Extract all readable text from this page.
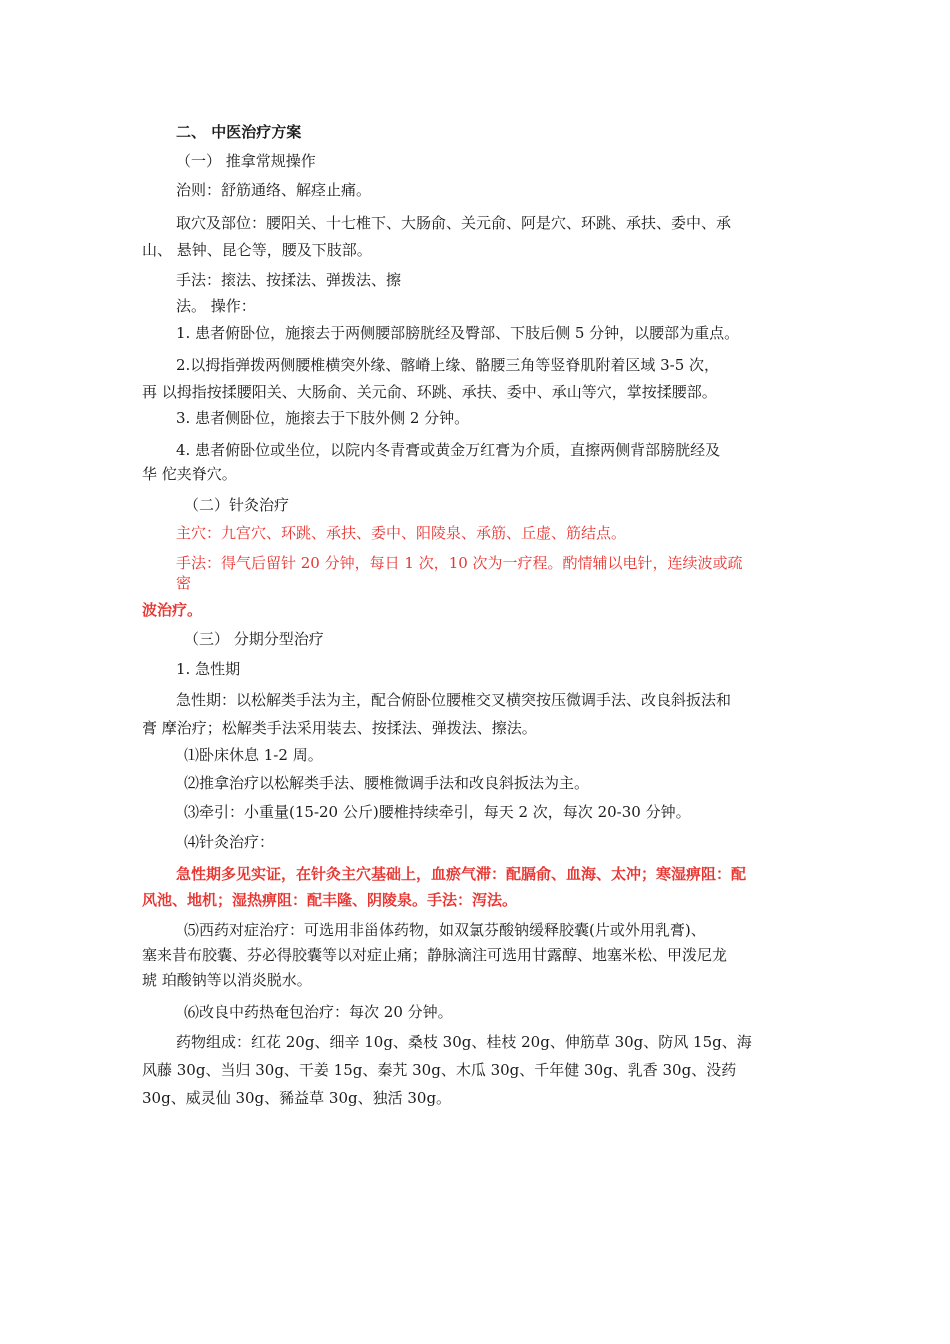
二、 中医治疗方案
（一） 推拿常规操作
治则：舒筋通络、解痉止痛。
取穴及部位：腰阳关、十七椎下、大肠俞、关元俞、阿是穴、环跳、承扶、委中、承
山、 悬钟、昆仑等，腰及下肢部。
手法：㨰法、按揉法、弹拨法、擦
法。 操作：
1. 患者俯卧位，施㨰去于两侧腰部膀胱经及臀部、下肢后侧 5 分钟，以腰部为重点。
2.以拇指弹拨两侧腰椎横突外缘、髂嵴上缘、骼腰三角等竖脊肌附着区域 3-5 次，
再 以拇指按揉腰阳关、大肠俞、关元俞、环跳、承扶、委中、承山等穴，掌按揉腰部。
3. 患者侧卧位，施㨰去于下肢外侧 2 分钟。
4. 患者俯卧位或坐位，以院内冬青膏或黄金万红膏为介质，直擦两侧背部膀胱经及
华 佗夹脊穴。
（二）针灸治疗
主穴：九宫穴、环跳、承扶、委中、阳陵泉、承筋、丘虚、筋结点。
手法：得气后留针 20 分钟，每日 1 次，10 次为一疗程。酌情辅以电针，连续波或疏
密
波治疗。
（三） 分期分型治疗
1. 急性期
急性期：以松解类手法为主，配合俯卧位腰椎交叉横突按压微调手法、改良斜扳法和
膏 摩治疗；松解类手法采用装去、按揉法、弹拨法、擦法。
⑴卧床休息 1-2 周。
⑵推拿治疗以松解类手法、腰椎微调手法和改良斜扳法为主。
⑶牵引：小重量(15-20 公斤)腰椎持续牵引，每天 2 次，每次 20-30 分钟。
⑷针灸治疗：
急性期多见实证，在针灸主穴基础上，血瘀气滞：配膈俞、血海、太冲；寒湿痹阻：配
风池、地机；湿热痹阻：配丰隆、阴陵泉。手法：泻法。
⑸西药对症治疗：可选用非甾体药物，如双氯芬酸钠缓释胶囊(片或外用乳膏)、
塞来昔布胶囊、芬必得胶囊等以对症止痛；静脉滴注可选用甘露醇、地塞米松、甲泼尼龙
琥 珀酸钠等以消炎脱水。
⑹改良中药热奄包治疗：每次 20 分钟。
药物组成：红花 20g、细辛 10g、桑枝 30g、桂枝 20g、伸筋草 30g、防风 15g、海
风藤 30g、当归 30g、干姜 15g、秦艽 30g、木瓜 30g、千年健 30g、乳香 30g、没药
30g、威灵仙 30g、豨益草 30g、独活 30g。
